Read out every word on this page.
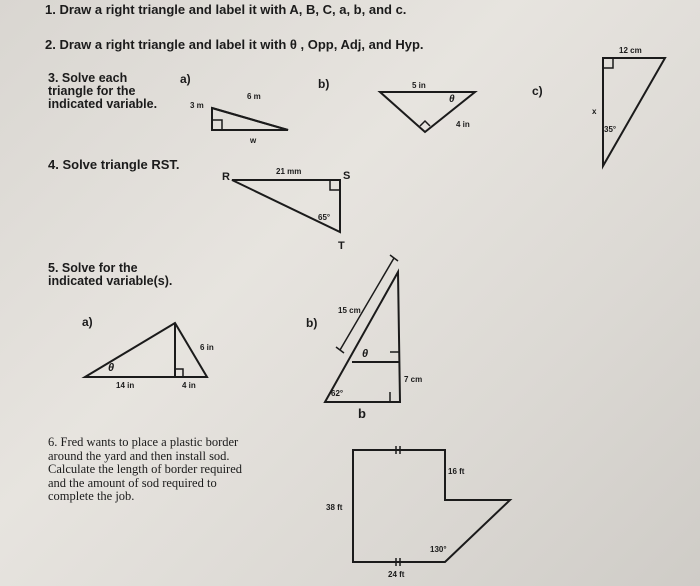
1. Draw a right triangle and label it with A, B, C, a, b, and c.
2. Draw a right triangle and label it with θ , Opp, Adj, and Hyp.
3. Solve each
triangle for the
indicated variable.
a)	b)	c)
4. Solve triangle RST.
5. Solve for the
indicated variable(s).
a)	b)
6. Fred wants to place a plastic border
around the yard and then install sod.
Calculate the length of border required
and the amount of sod required to
complete the job.
3 m
6 m
w
5 in
θ
4 in
12 cm
x
35°
R	S
T
21 mm
65°
6 in
14 in	4 in
θ
15 cm
θ
7 cm
62°
b
16 ft
38 ft
130°
24 ft
